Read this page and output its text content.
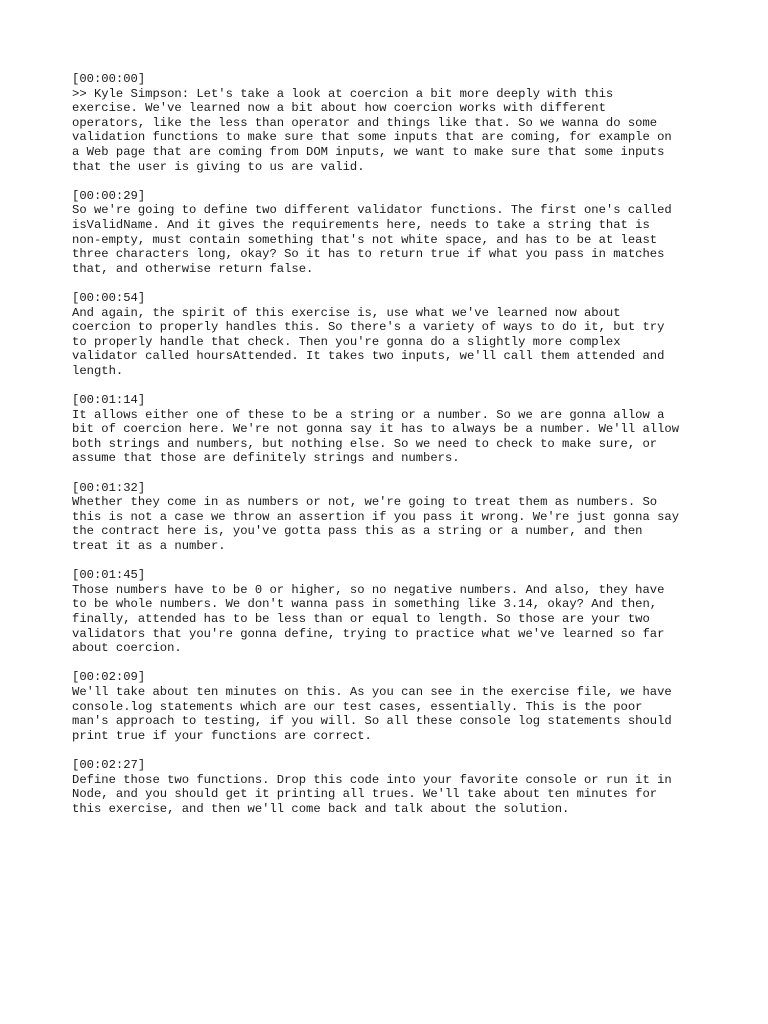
[00:00:00]
>> Kyle Simpson: Let's take a look at coercion a bit more deeply with this
exercise. We've learned now a bit about how coercion works with different
operators, like the less than operator and things like that. So we wanna do some
validation functions to make sure that some inputs that are coming, for example on
a Web page that are coming from DOM inputs, we want to make sure that some inputs
that the user is giving to us are valid.
[00:00:29]
So we're going to define two different validator functions. The first one's called
isValidName. And it gives the requirements here, needs to take a string that is
non-empty, must contain something that's not white space, and has to be at least
three characters long, okay? So it has to return true if what you pass in matches
that, and otherwise return false.
[00:00:54]
And again, the spirit of this exercise is, use what we've learned now about
coercion to properly handles this. So there's a variety of ways to do it, but try
to properly handle that check. Then you're gonna do a slightly more complex
validator called hoursAttended. It takes two inputs, we'll call them attended and
length.
[00:01:14]
It allows either one of these to be a string or a number. So we are gonna allow a
bit of coercion here. We're not gonna say it has to always be a number. We'll allow
both strings and numbers, but nothing else. So we need to check to make sure, or
assume that those are definitely strings and numbers.
[00:01:32]
Whether they come in as numbers or not, we're going to treat them as numbers. So
this is not a case we throw an assertion if you pass it wrong. We're just gonna say
the contract here is, you've gotta pass this as a string or a number, and then
treat it as a number.
[00:01:45]
Those numbers have to be 0 or higher, so no negative numbers. And also, they have
to be whole numbers. We don't wanna pass in something like 3.14, okay? And then,
finally, attended has to be less than or equal to length. So those are your two
validators that you're gonna define, trying to practice what we've learned so far
about coercion.
[00:02:09]
We'll take about ten minutes on this. As you can see in the exercise file, we have
console.log statements which are our test cases, essentially. This is the poor
man's approach to testing, if you will. So all these console log statements should
print true if your functions are correct.
[00:02:27]
Define those two functions. Drop this code into your favorite console or run it in
Node, and you should get it printing all trues. We'll take about ten minutes for
this exercise, and then we'll come back and talk about the solution.
